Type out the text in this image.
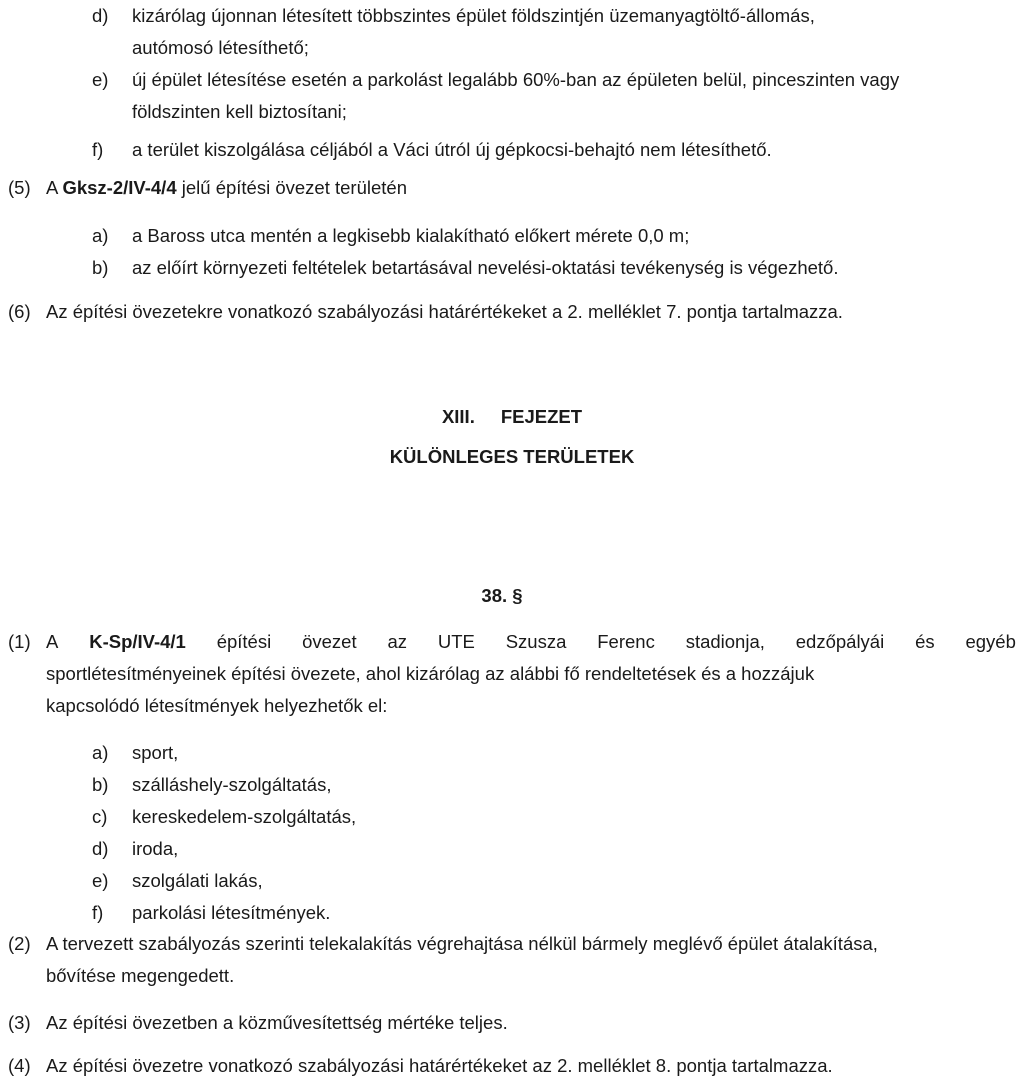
d) kizárólag újonnan létesített többszintes épület földszintjén üzemanyagtöltő-állomás,
autómosó létesíthető;
e) új épület létesítése esetén a parkolást legalább 60%-ban az épületen belül, pinceszinten vagy
földszinten kell biztosítani;
f) a terület kiszolgálása céljából a Váci útról új gépkocsi-behajtó nem létesíthető.
(5) A Gksz-2/IV-4/4 jelű építési övezet területén
a) a Baross utca mentén a legkisebb kialakítható előkert mérete 0,0 m;
b) az előírt környezeti feltételek betartásával nevelési-oktatási tevékenység is végezhető.
(6) Az építési övezetekre vonatkozó szabályozási határértékeket a 2. melléklet 7. pontja tartalmazza.
XIII. FEJEZET
KÜLÖNLEGES TERÜLETEK
38. §
(1) A K-Sp/IV-4/1 építési övezet az UTE Szusza Ferenc stadionja, edzőpályái és egyéb
sportlétesítményeinek építési övezete, ahol kizárólag az alábbi fő rendeltetések és a hozzájuk
kapcsolódó létesítmények helyezhetők el:
a) sport,
b) szálláshely-szolgáltatás,
c) kereskedelem-szolgáltatás,
d) iroda,
e) szolgálati lakás,
f) parkolási létesítmények.
(2) A tervezett szabályozás szerinti telekalakítás végrehajtása nélkül bármely meglévő épület átalakítása,
bővítése megengedett.
(3) Az építési övezetben a közművesítettség mértéke teljes.
(4) Az építési övezetre vonatkozó szabályozási határértékeket az 2. melléklet 8. pontja tartalmazza.
